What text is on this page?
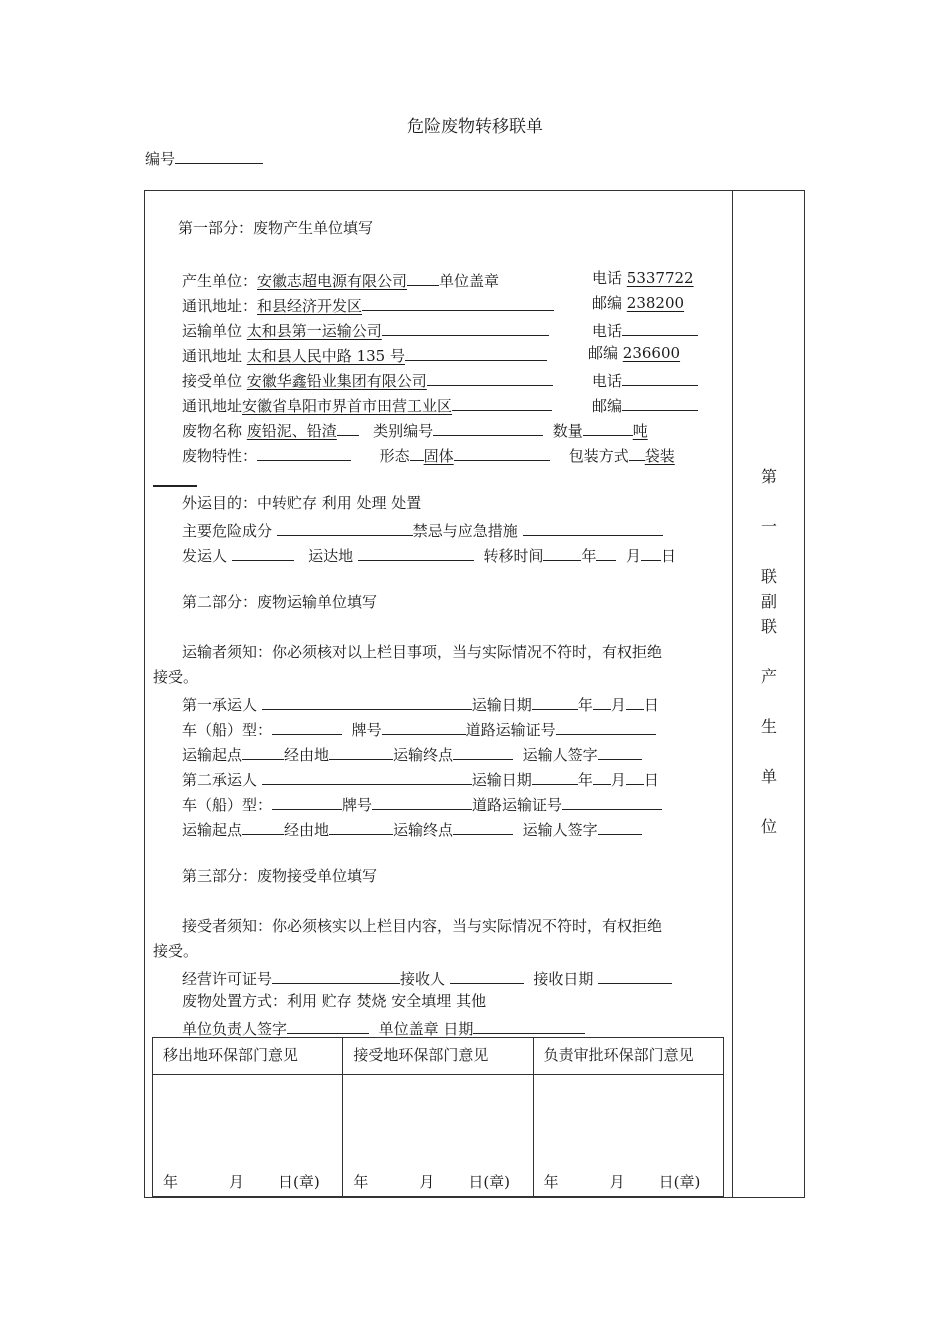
危险废物转移联单
编号
第
一
联
副
联
产
生
单
位
第一部分：废物产生单位填写
产生单位：安徽志超电源有限公司 单位盖章	电话 5337722
通讯地址：和县经济开发区	邮编 238200
运输单位 太和县第一运输公司	电话
通讯地址 太和县人民中路 135 号	邮编 236600
接受单位 安徽华鑫铅业集团有限公司	电话
通讯地址安徽省阜阳市界首市田营工业区	邮编
废物名称 废铅泥、铅渣 类别编号	数量	吨
废物特性：	形态 固体	包装方式 袋装
外运目的：中转贮存 利用 处理 处置
主要危险成分	禁忌与应急措施
发运人	运达地	转移时间	年 月 日
第二部分：废物运输单位填写
运输者须知：你必须核对以上栏目事项，当与实际情况不符时，有权拒绝
接受。
第一承运人	运输日期	年 月 日
车（船）型：	牌号	道路运输证号
运输起点	经由地	运输终点	运输人签字
第二承运人	运输日期	年 月 日
车（船）型：	牌号	道路运输证号
运输起点	经由地	运输终点	运输人签字
第三部分：废物接受单位填写
接受者须知：你必须核实以上栏目内容，当与实际情况不符时，有权拒绝
接受。
经营许可证号	接收人	接收日期
废物处置方式：利用 贮存 焚烧 安全填埋 其他
单位负责人签字	单位盖章 日期
移出地环保部门意见	接受地环保部门意见	负责审批环保部门意见

年 月 日(章)	年 月 日(章)	年 月 日(章)
